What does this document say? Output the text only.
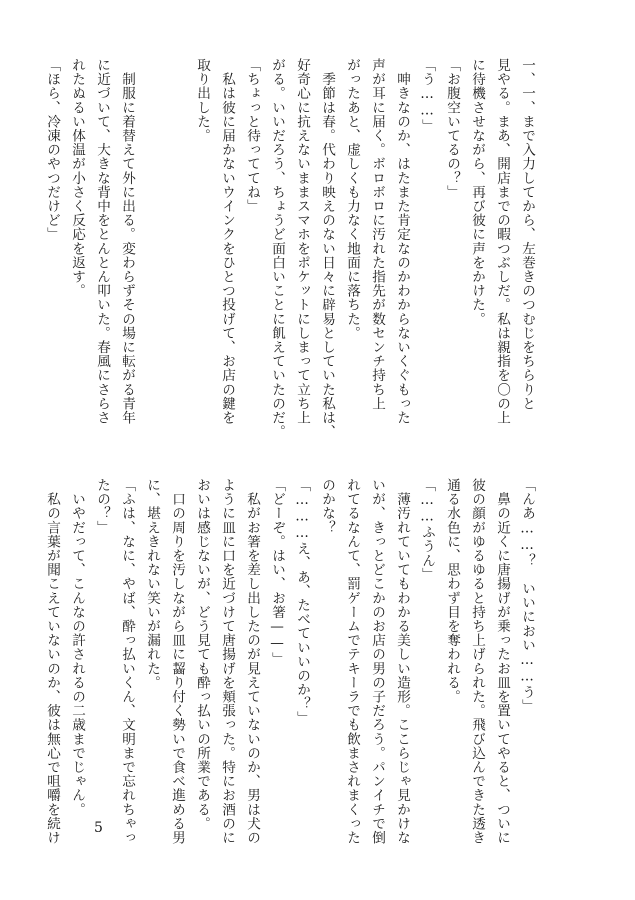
一、一、まで入力してから、左巻きのつむじをちらりと
見やる。まあ、開店までの暇つぶしだ。私は親指を〇の上
に待機させながら、再び彼に声をかけた。
「お腹空いてるの？」
「う……」
　呻きなのか、はたまた肯定なのかわからないくぐもった
声が耳に届く。ボロボロに汚れた指先が数センチ持ち上
がったあと、虚しくも力なく地面に落ちた。
　季節は春。代わり映えのない日々に辟易としていた私は、
好奇心に抗えないままスマホをポケットにしまって立ち上
がる。いいだろう、ちょうど面白いことに飢えていたのだ。
「ちょっと待っててね」
　私は彼に届かないウインクをひとつ投げて、お店の鍵を
取り出した。

　制服に着替えて外に出る。変わらずその場に転がる青年
に近づいて、大きな背中をとんとん叩いた。春風にさらさ
れたぬるい体温が小さく反応を返す。
「ほら、冷凍のやつだけど」
「んあ……？　いいにおい……う」
　鼻の近くに唐揚げが乗ったお皿を置いてやると、ついに
彼の顔がゆるゆると持ち上げられた。飛び込んできた透き
通る水色に、思わず目を奪われる。
「……ふうん」
　薄汚れていてもわかる美しい造形。ここらじゃ見かけな
いが、きっとどこかのお店の男の子だろう。パンイチで倒
れてるなんて、罰ゲームでテキーラでも飲まされまくった
のかな？
「………え、あ、たべていいのか？」
「どーぞ。はい、お箸——」
　私がお箸を差し出したのが見えていないのか、男は犬の
ように皿に口を近づけて唐揚げを頬張った。特にお酒のに
おいは感じないが、どう見ても酔っ払いの所業である。
　口の周りを汚しながら皿に齧り付く勢いで食べ進める男
に、堪えきれない笑いが漏れた。
「ふは、なに、やば、酔っ払いくん、文明まで忘れちゃっ
たの？」
　いやだって、こんなの許されるの二歳までじゃん。
　私の言葉が聞こえていないのか、彼は無心で咀嚼を続け 5
